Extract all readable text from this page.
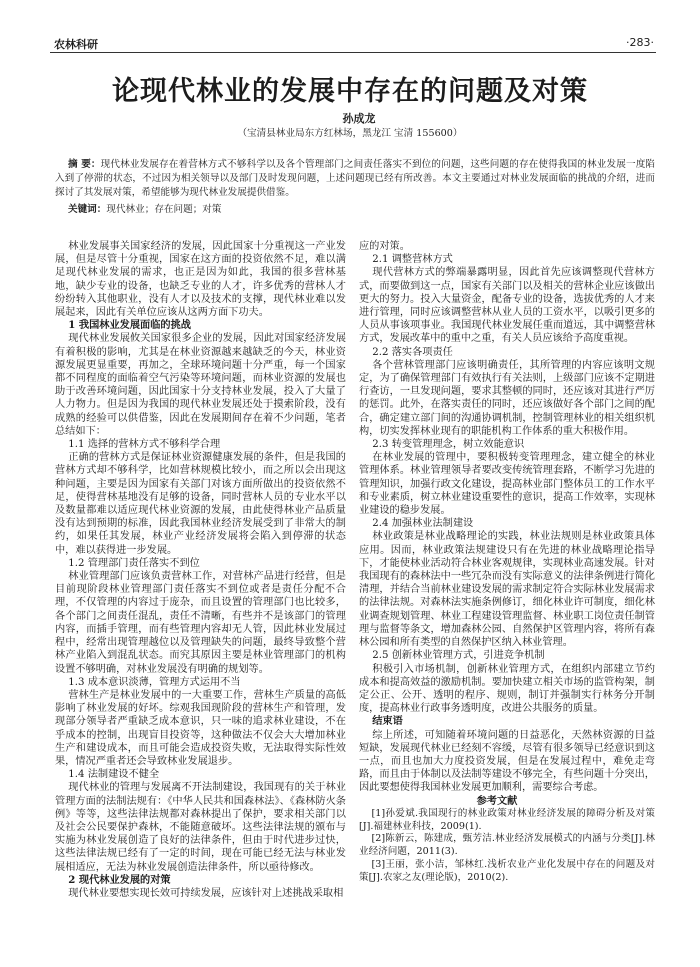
农林科研	·283·
论现代林业的发展中存在的问题及对策
孙成龙
（宝清县林业局东方红林场，黑龙江 宝清 155600）
摘 要：现代林业发展存在着营林方式不够科学以及各个管理部门之间责任落实不到位的问题，这些问题的存在使得我国的林业发展一度陷入到了停滞的状态，不过因为相关领导以及部门及时发现问题，上述问题现已经有所改善。本文主要通过对林业发展面临的挑战的介绍，进而探讨了其发展对策，希望能够为现代林业发展提供借鉴。
关键词：现代林业；存在问题；对策

林业发展事关国家经济的发展，因此国家十分重视这一产业发展，但是尽管十分重视，国家在这方面的投资依然不足，难以满足现代林业发展的需求，也正是因为如此，我国的很多营林基地，缺少专业的设备，也缺乏专业的人才，许多优秀的营林人才纷纷转入其他职业，没有人才以及技术的支撑，现代林业难以发展起来，因此有关单位应该从这两方面下功夫。

1 我国林业发展面临的挑战

现代林业发展攸关国家很多企业的发展，因此对国家经济发展有着积极的影响，尤其是在林业资源越来越缺乏的今天，林业资源发展更显重要，再加之，全球环境问题十分严重，每一个国家都不同程度的面临着空气污染等环境问题，而林业资源的发展也助于改善环境问题，因此国家十分支持林业发展，投入了大量了人力物力。但是因为我国的现代林业发展还处于摸索阶段，没有成熟的经验可以供借鉴，因此在发展期间存在着不少问题，笔者总结如下：

1.1 选择的营林方式不够科学合理

正确的营林方式是保证林业资源健康发展的条件，但是我国的营林方式却不够科学，比如营林规模比较小，而之所以会出现这种问题，主要是因为国家有关部门对该方面所做出的投资依然不足，使得营林基地没有足够的设备，同时营林人员的专业水平以及数量都难以适应现代林业资源的发展，由此使得林业产品质量没有达到预期的标准，因此我国林业经济发展受到了非常大的制约，如果任其发展，林业产业经济发展将会陷入到停滞的状态中，难以获得进一步发展。

1.2 管理部门责任落实不到位

林业管理部门应该负责营林工作，对营林产品进行经营，但是目前现阶段林业管理部门责任落实不到位或者是责任分配不合理，不仅管理的内容过于庞杂，而且设置的管理部门也比较多，各个部门之间责任混乱，责任不清晰，有些并不是该部门的管理内容，而插手管理，而有些管理内容却无人管，因此林业发展过程中，经常出现管理越位以及管理缺失的问题，最终导致整个营林产业陷入到混乱状态。而究其原因主要是林业管理部门的机构设置不够明确，对林业发展没有明确的规划等。

1.3 成本意识淡薄，管理方式运用不当

营林生产是林业发展中的一大重要工作，营林生产质量的高低影响了林业发展的好坏。综观我国现阶段的营林生产和管理，发现部分领导者严重缺乏成本意识，只一味的追求林业建设，不在乎成本的控制，出现盲目投资等，这种做法不仅会大大增加林业生产和建设成本，而且可能会造成投资失败，无法取得实际性效果，情况严重者还会导致林业发展退步。

1.4 法制建设不健全

现代林业的管理与发展离不开法制建设，我国现有的关于林业管理方面的法制法规有：《中华人民共和国森林法》、《森林防火条例》等等，这些法律法规都对森林提出了保护，要求相关部门以及社会公民要保护森林，不能随意破坏。这些法律法规的颁布与实施为林业发展创造了良好的法律条件，但由于时代进步过快，这些法律法规已经有了一定的时间，现在可能已经无法与林业发展相适应，无法为林业发展创造法律条件，所以亟待修改。

2 现代林业发展的对策

现代林业要想实现长效可持续发展，应该针对上述挑战采取相

应的对策。

2.1 调整营林方式

现代营林方式的弊端暴露明显，因此首先应该调整现代营林方式，而要做到这一点，国家有关部门以及相关的营林企业应该做出更大的努力。投入大量资金，配备专业的设备，选拔优秀的人才来进行管理，同时应该调整营林从业人员的工资水平，以吸引更多的人员从事该项事业。我国现代林业发展任重而道远，其中调整营林方式，发展改革中的重中之重，有关人员应该给予高度重视。

2.2 落实各项责任

各个营林管理部门应该明确责任，其所管理的内容应该明文规定，为了确保管理部门有效执行有关法则，上级部门应该不定期进行查访，一旦发现问题，要求其整顿的同时，还应该对其进行严厉的惩罚。此外，在落实责任的同时，还应该做好各个部门之间的配合，确定建立部门间的沟通协调机制，控制管理林业的相关组织机构，切实发挥林业现有的职能机构工作体系的重大积极作用。

2.3 转变管理理念，树立效能意识

在林业发展的管理中，要积极转变管理理念，建立健全的林业管理体系。林业管理领导者要改变传统管理套路，不断学习先进的管理知识，加强行政文化建设，提高林业部门整体员工的工作水平和专业素质，树立林业建设重要性的意识，提高工作效率，实现林业建设的稳步发展。

2.4 加强林业法制建设

林业政策是林业战略理论的实践，林业法规则是林业政策具体应用。因而，林业政策法规建设只有在先进的林业战略理论指导下，才能使林业活动符合林业客观规律，实现林业高速发展。针对我国现有的森林法中一些冗杂而没有实际意义的法律条例进行简化清理，并结合当前林业建设发展的需求制定符合实际林业发展需求的法律法规。对森林法实施条例修订，细化林业许可制度，细化林业调查规划管理、林业工程建设管理监督、林业职工岗位责任制管理与监督等条文，增加森林公园、自然保护区管理内容，将所有森林公园和所有类型的自然保护区纳入林业管理。

2.5 创新林业管理方式，引进竞争机制

积极引入市场机制，创新林业管理方式，在组织内部建立节约成本和提高效益的激励机制。要加快建立相关市场的监管构架，制定公正、公开、透明的程序、规则，制订并强制实行林务分开制度，提高林业行政事务透明度，改进公共服务的质量。

结束语

综上所述，可知随着环境问题的日益恶化，天然林资源的日益短缺，发展现代林业已经刻不容缓，尽管有很多领导已经意识到这一点，而且也加大力度投资发展，但是在发展过程中，难免走弯路，而且由于体制以及法制等建设不够完全，有些问题十分突出，因此要想使得我国林业发展更加顺利，需要综合考虑。

参考文献

[1]孙爱斌.我国现行的林业政策对林业经济发展的障碍分析及对策[J].福建林业科技，2009(1).

[2]陈新云，陈建成，甄芳洁.林业经济发展模式的内涵与分类[J].林业经济问题，2011(3).

[3]王丽，张小洁，邹林红.浅析农业产业化发展中存在的问题及对策[J].农家之友(理论版)，2010(2).
